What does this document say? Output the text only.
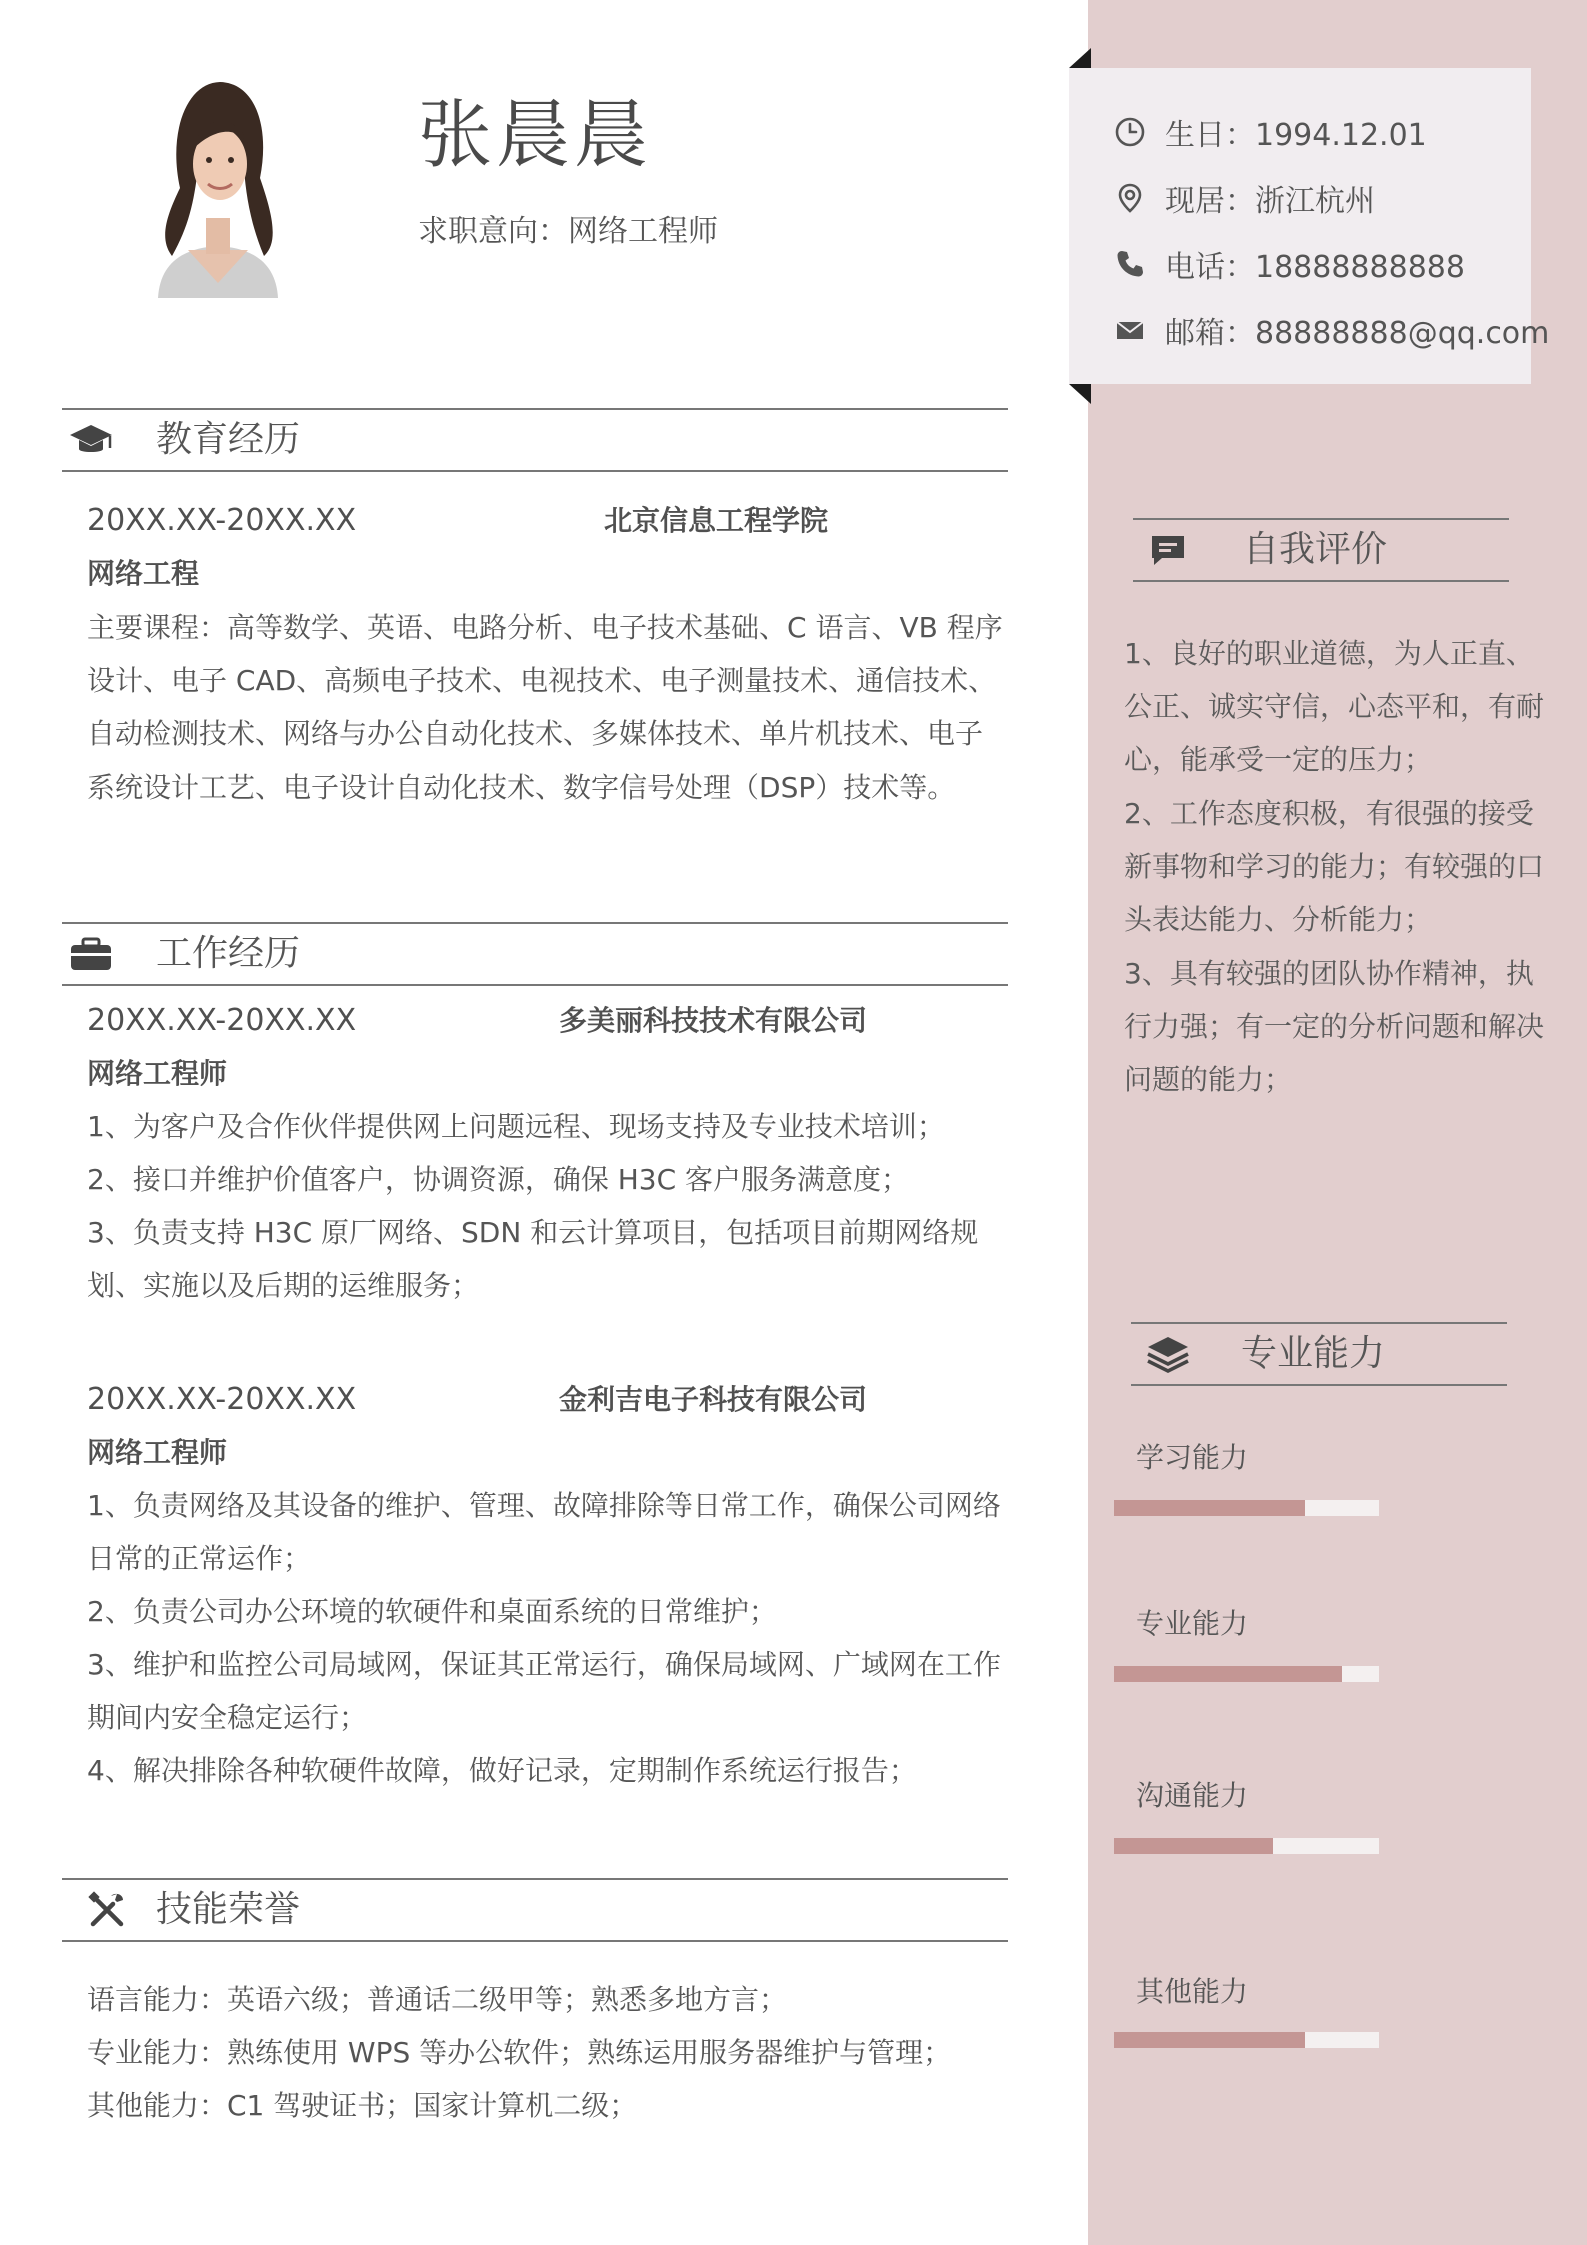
生日：1994.12.01
现居：浙江杭州
电话：18888888888
邮箱：88888888@qq.com
张晨晨
求职意向：网络工程师
教育经历
20XX.XX-20XX.XX	北京信息工程学院
网络工程
主要课程：高等数学、英语、电路分析、电子技术基础、C 语言、VB 程序
设计、电子 CAD、高频电子技术、电视技术、电子测量技术、通信技术、
自动检测技术、网络与办公自动化技术、多媒体技术、单片机技术、电子
系统设计工艺、电子设计自动化技术、数字信号处理（DSP）技术等。
工作经历
20XX.XX-20XX.XX	多美丽科技技术有限公司
网络工程师
1、为客户及合作伙伴提供网上问题远程、现场支持及专业技术培训；
2、接口并维护价值客户，协调资源，确保 H3C 客户服务满意度；
3、负责支持 H3C 原厂网络、SDN 和云计算项目，包括项目前期网络规
划、实施以及后期的运维服务；
20XX.XX-20XX.XX	金利吉电子科技有限公司
网络工程师
1、负责网络及其设备的维护、管理、故障排除等日常工作，确保公司网络
日常的正常运作；
2、负责公司办公环境的软硬件和桌面系统的日常维护；
3、维护和监控公司局域网，保证其正常运行，确保局域网、广域网在工作
期间内安全稳定运行；
4、解决排除各种软硬件故障，做好记录，定期制作系统运行报告；
技能荣誉
语言能力：英语六级；普通话二级甲等；熟悉多地方言；
专业能力：熟练使用 WPS 等办公软件；熟练运用服务器维护与管理；
其他能力：C1 驾驶证书；国家计算机二级；
自我评价
1、良好的职业道德，为人正直、
公正、诚实守信，心态平和，有耐
心，能承受一定的压力；
2、工作态度积极，有很强的接受
新事物和学习的能力；有较强的口
头表达能力、分析能力；
3、具有较强的团队协作精神，执
行力强；有一定的分析问题和解决
问题的能力；
专业能力
学习能力
专业能力
沟通能力
其他能力
